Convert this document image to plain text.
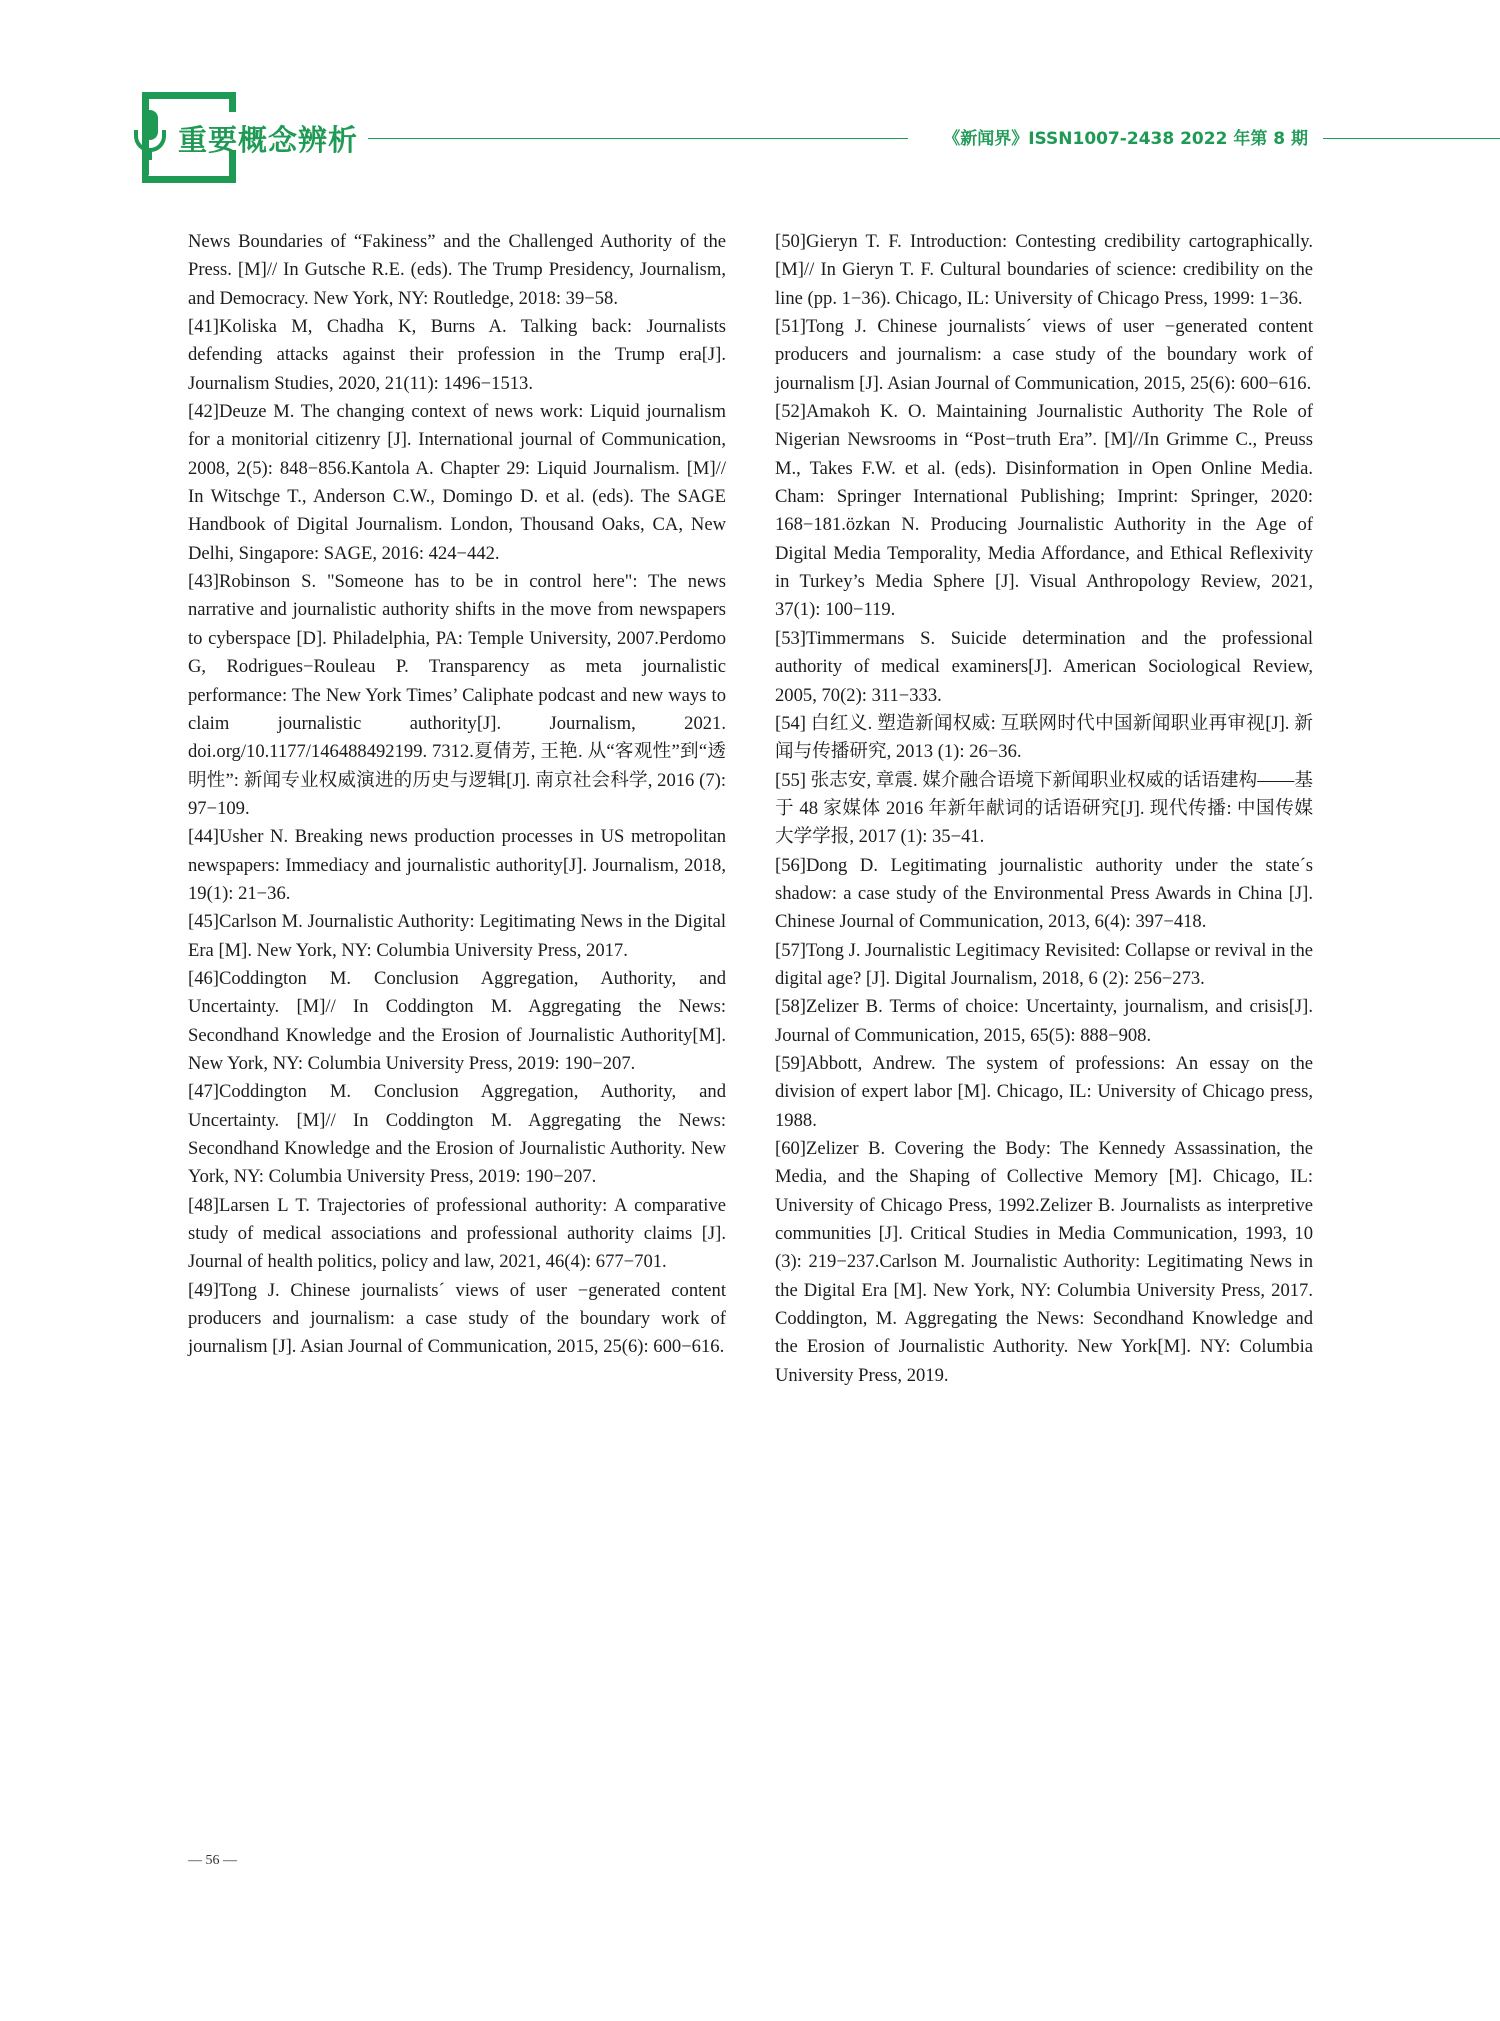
重要概念辨析	《新闻界》ISSN1007-2438 2022 年第 8 期

News Boundaries of “Fakiness” and the Challenged Authority of the Press. [M]// In Gutsche R.E. (eds). The Trump Presidency, Journalism, and Democracy. New York, NY: Routledge, 2018: 39−58.

[41]Koliska M, Chadha K, Burns A. Talking back: Journalists defending attacks against their profession in the Trump era[J]. Journalism Studies, 2020, 21(11): 1496−1513.

[42]Deuze M. The changing context of news work: Liquid journalism for a monitorial citizenry [J]. International journal of Communication, 2008, 2(5): 848−856.Kantola A. Chapter 29: Liquid Journalism. [M]// In Witschge T., Anderson C.W., Domingo D. et al. (eds). The SAGE Handbook of Digital Journalism. London, Thousand Oaks, CA, New Delhi, Singapore: SAGE, 2016: 424−442.

[43]Robinson S. "Someone has to be in control here": The news narrative and journalistic authority shifts in the move from newspapers to cyberspace [D]. Philadelphia, PA: Temple University, 2007.Perdomo G, Rodrigues−Rouleau P. Transparency as meta journalistic performance: The New York Times’ Caliphate podcast and new ways to claim journalistic authority[J]. Journalism, 2021. doi.org/10.1177/146488492199. 7312.夏倩芳, 王艳. 从“客观性”到“透明性”: 新闻专业权威演进的历史与逻辑[J]. 南京社会科学, 2016 (7): 97−109.

[44]Usher N. Breaking news production processes in US metropolitan newspapers: Immediacy and journalistic authority[J]. Journalism, 2018, 19(1): 21−36.

[45]Carlson M. Journalistic Authority: Legitimating News in the Digital Era [M]. New York, NY: Columbia University Press, 2017.

[46]Coddington M. Conclusion Aggregation, Authority, and Uncertainty. [M]// In Coddington M. Aggregating the News: Secondhand Knowledge and the Erosion of Journalistic Authority[M]. New York, NY: Columbia University Press, 2019: 190−207.

[47]Coddington M. Conclusion Aggregation, Authority, and Uncertainty. [M]// In Coddington M. Aggregating the News: Secondhand Knowledge and the Erosion of Journalistic Authority. New York, NY: Columbia University Press, 2019: 190−207.

[48]Larsen L T. Trajectories of professional authority: A comparative study of medical associations and professional authority claims [J]. Journal of health politics, policy and law, 2021, 46(4): 677−701.

[49]Tong J. Chinese journalists´ views of user −generated content producers and journalism: a case study of the boundary work of journalism [J]. Asian Journal of Communication, 2015, 25(6): 600−616.

[50]Gieryn T. F. Introduction: Contesting credibility cartographically. [M]// In Gieryn T. F. Cultural boundaries of science: credibility on the line (pp. 1−36). Chicago, IL: University of Chicago Press, 1999: 1−36.

[51]Tong J. Chinese journalists´ views of user −generated content producers and journalism: a case study of the boundary work of journalism [J]. Asian Journal of Communication, 2015, 25(6): 600−616.

[52]Amakoh K. O. Maintaining Journalistic Authority The Role of Nigerian Newsrooms in “Post−truth Era”. [M]//In Grimme C., Preuss M., Takes F.W. et al. (eds). Disinformation in Open Online Media. Cham: Springer International Publishing; Imprint: Springer, 2020: 168−181.özkan N. Producing Journalistic Authority in the Age of Digital Media Temporality, Media Affordance, and Ethical Reflexivity in Turkey’s Media Sphere [J]. Visual Anthropology Review, 2021, 37(1): 100−119.

[53]Timmermans S. Suicide determination and the professional authority of medical examiners[J]. American Sociological Review, 2005, 70(2): 311−333.

[54] 白红义. 塑造新闻权威: 互联网时代中国新闻职业再审视[J]. 新闻与传播研究, 2013 (1): 26−36.

[55] 张志安, 章震. 媒介融合语境下新闻职业权威的话语建构——基于 48 家媒体 2016 年新年献词的话语研究[J]. 现代传播: 中国传媒大学学报, 2017 (1): 35−41.

[56]Dong D. Legitimating journalistic authority under the state´s shadow: a case study of the Environmental Press Awards in China [J]. Chinese Journal of Communication, 2013, 6(4): 397−418.

[57]Tong J. Journalistic Legitimacy Revisited: Collapse or revival in the digital age? [J]. Digital Journalism, 2018, 6 (2): 256−273.

[58]Zelizer B. Terms of choice: Uncertainty, journalism, and crisis[J]. Journal of Communication, 2015, 65(5): 888−908.

[59]Abbott, Andrew. The system of professions: An essay on the division of expert labor [M]. Chicago, IL: University of Chicago press, 1988.

[60]Zelizer B. Covering the Body: The Kennedy Assassination, the Media, and the Shaping of Collective Memory [M]. Chicago, IL: University of Chicago Press, 1992.Zelizer B. Journalists as interpretive communities [J]. Critical Studies in Media Communication, 1993, 10 (3): 219−237.Carlson M. Journalistic Authority: Legitimating News in the Digital Era [M]. New York, NY: Columbia University Press, 2017. Coddington, M. Aggregating the News: Secondhand Knowledge and the Erosion of Journalistic Authority. New York[M]. NY: Columbia University Press, 2019.

— 56 —
